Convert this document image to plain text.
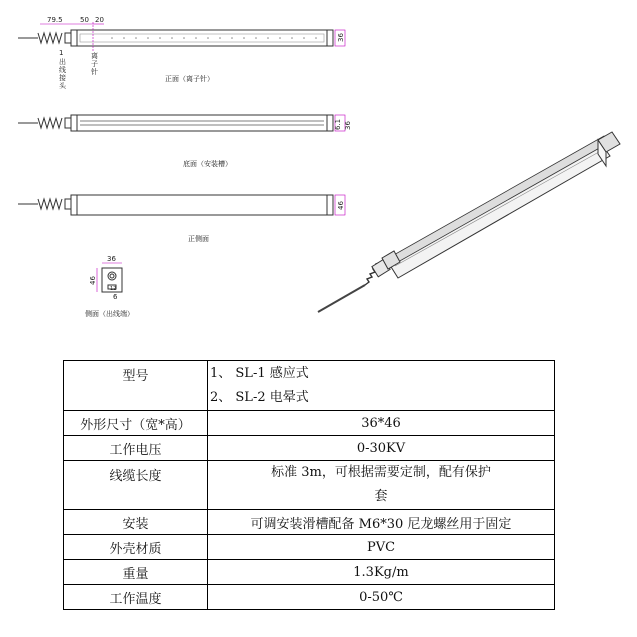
79.5 50 20
36
1
出
线
接
头
离
子
针
正面（离子针）
6.1 36
底面（安装槽）
46
正侧面
36
46
12
6
侧面（出线端）
型号	1、 SL-1 感应式
2、 SL-2 电晕式

外形尺寸（宽*高）	36*46
工作电压	0-30KV
线缆长度	标准 3m，可根据需要定制，配有保护
套

安装	可调安装滑槽配备 M6*30 尼龙螺丝用于固定
外壳材质	PVC
重量	1.3Kg/m
工作温度	0-50℃
